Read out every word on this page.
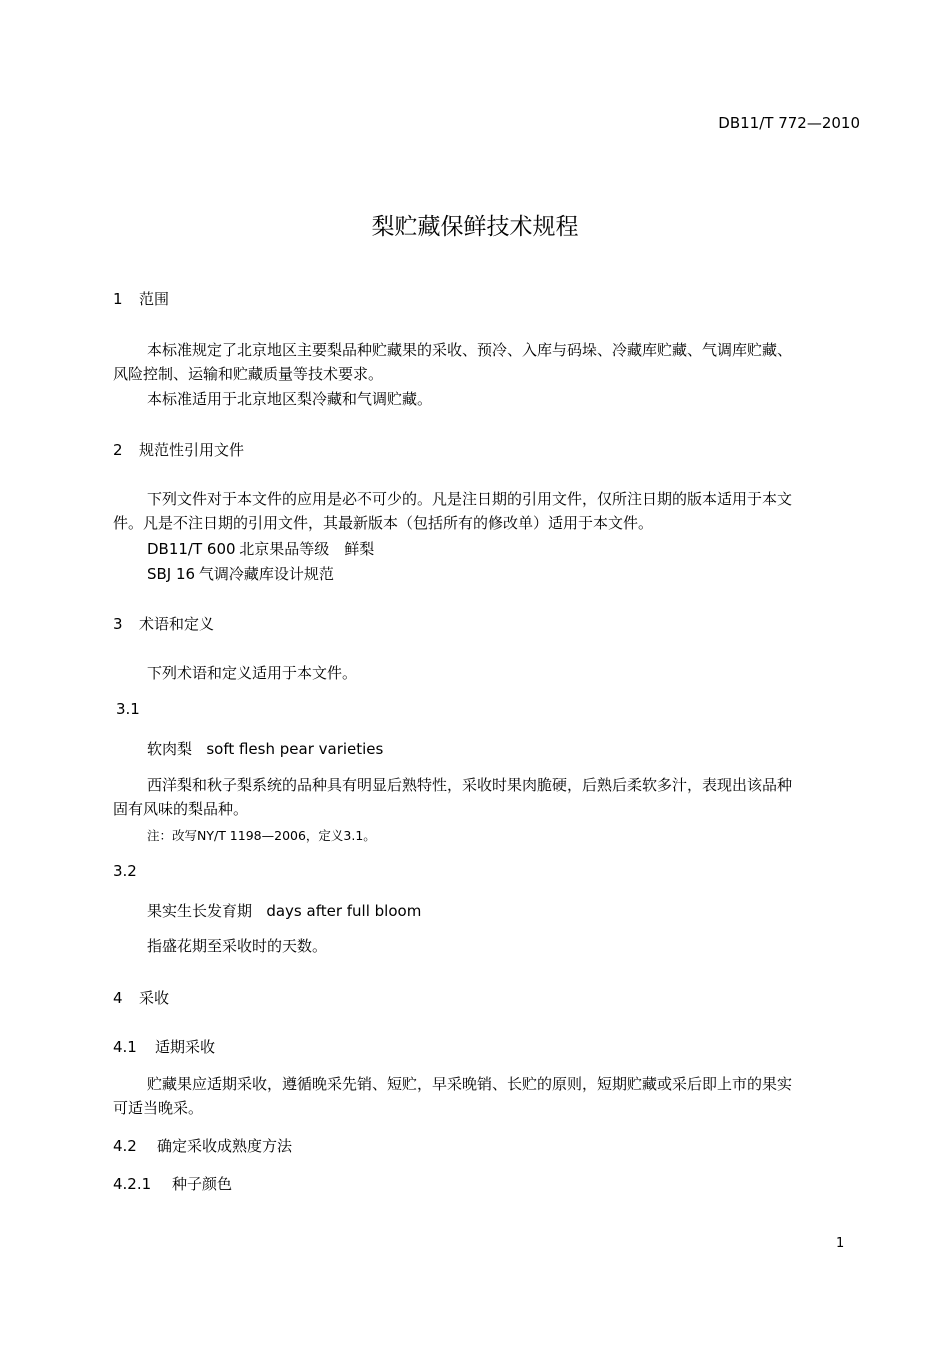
DB11/T 772—2010
梨贮藏保鲜技术规程
1 范围
本标准规定了北京地区主要梨品种贮藏果的采收、预冷、入库与码垛、冷藏库贮藏、气调库贮藏、
风险控制、运输和贮藏质量等技术要求。
本标准适用于北京地区梨冷藏和气调贮藏。
2 规范性引用文件
下列文件对于本文件的应用是必不可少的。凡是注日期的引用文件，仅所注日期的版本适用于本文
件。凡是不注日期的引用文件，其最新版本（包括所有的修改单）适用于本文件。
DB11/T 600 北京果品等级　鲜梨
SBJ 16 气调冷藏库设计规范
3 术语和定义
下列术语和定义适用于本文件。
3.1
软肉梨 soft flesh pear varieties
西洋梨和秋子梨系统的品种具有明显后熟特性，采收时果肉脆硬，后熟后柔软多汁，表现出该品种
固有风味的梨品种。
注：改写NY/T 1198—2006，定义3.1。
3.2
果实生长发育期 days after full bloom
指盛花期至采收时的天数。
4 采收
4.1 适期采收
贮藏果应适期采收，遵循晚采先销、短贮，早采晚销、长贮的原则，短期贮藏或采后即上市的果实
可适当晚采。
4.2 确定采收成熟度方法
4.2.1 种子颜色
1
